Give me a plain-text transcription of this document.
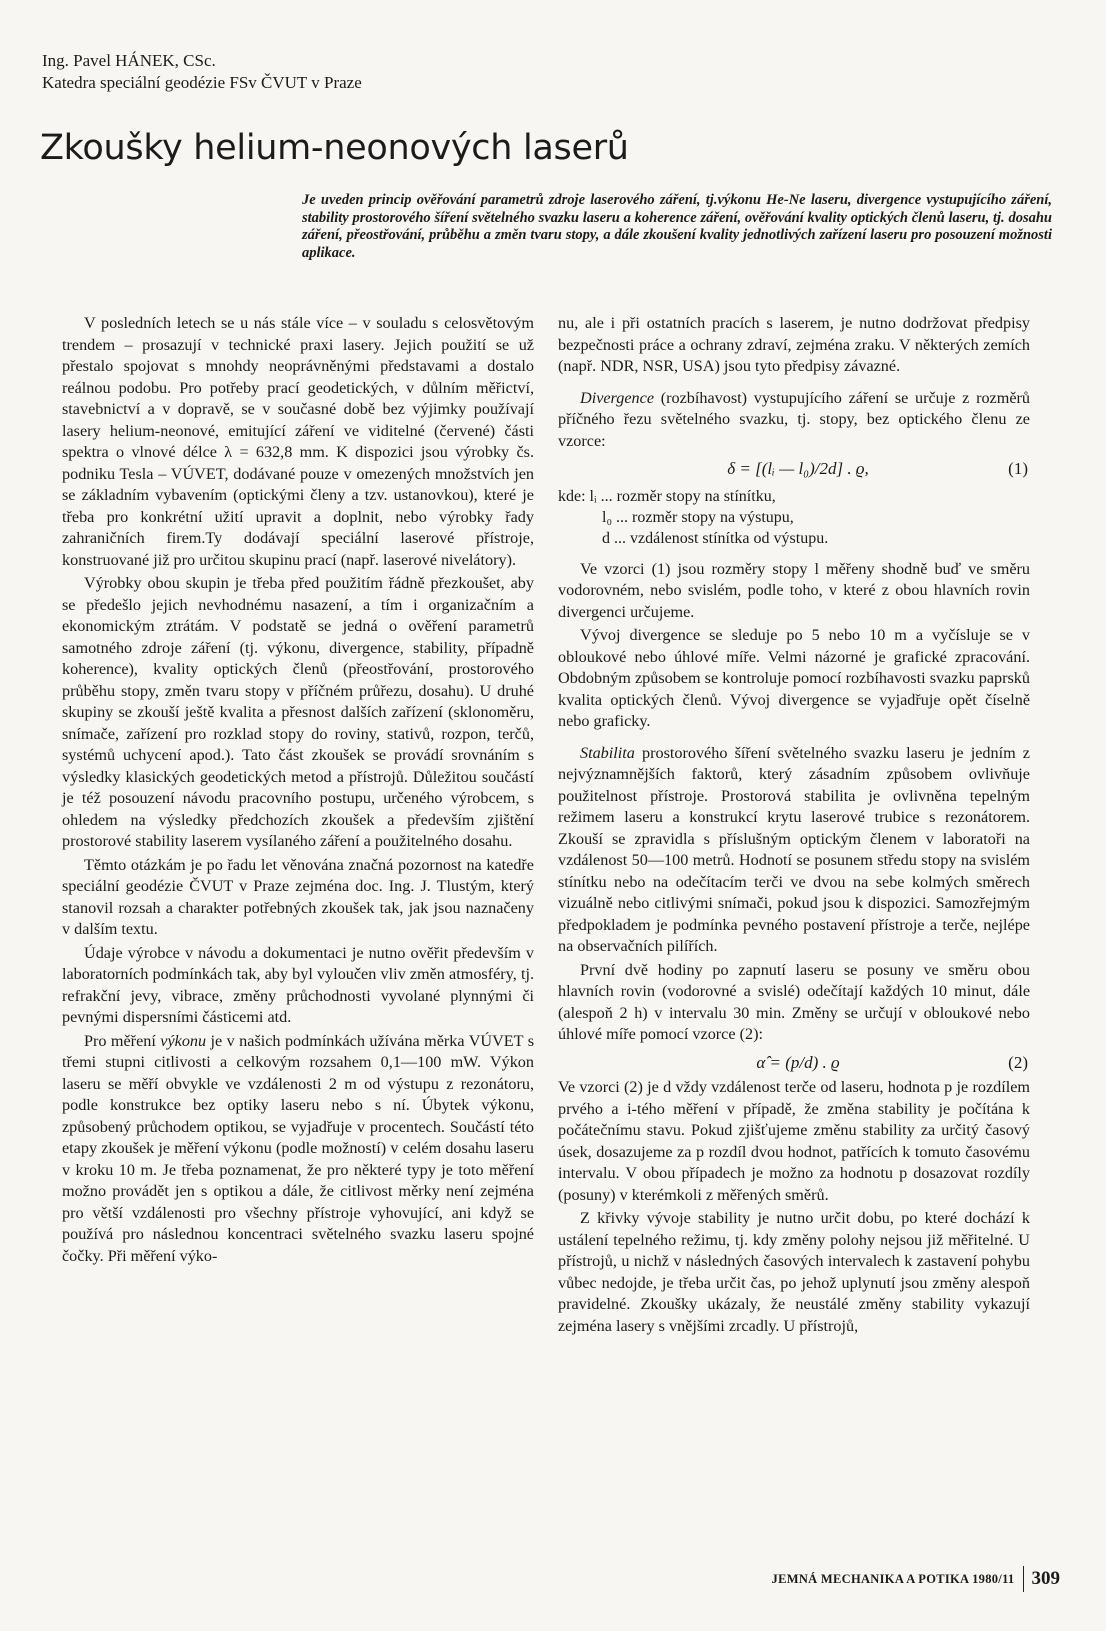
Ing. Pavel HÁNEK, CSc.
Katedra speciální geodézie FSv ČVUT v Praze
Zkoušky helium-neonových laserů
Je uveden princip ověřování parametrů zdroje laserového záření, tj.výkonu He-Ne laseru, divergence vystupujícího záření, stability prostorového šíření světelného svazku laseru a koherence záření, ověřování kvality optických členů laseru, tj. dosahu záření, přeostřování, průběhu a změn tvaru stopy, a dále zkoušení kvality jednotlivých zařízení laseru pro posouzení možnosti aplikace.

V posledních letech se u nás stále více – v souladu s celosvětovým trendem – prosazují v technické praxi lasery. Jejich použití se už přestalo spojovat s mnohdy neoprávněnými představami a dostalo reálnou podobu. Pro potřeby prací geodetických, v důlním měřictví, stavebnictví a v dopravě, se v současné době bez výjimky používají lasery helium-neonové, emitující záření ve viditelné (červené) části spektra o vlnové délce λ = 632,8 mm. K dispozici jsou výrobky čs. podniku Tesla – VÚVET, dodávané pouze v omezených množstvích jen se základním vybavením (optickými členy a tzv. ustanovkou), které je třeba pro konkrétní užití upravit a doplnit, nebo výrobky řady zahraničních firem.Ty dodávají speciální laserové přístroje, konstruované již pro určitou skupinu prací (např. laserové nivelátory).

Výrobky obou skupin je třeba před použitím řádně přezkoušet, aby se předešlo jejich nevhodnému nasazení, a tím i organizačním a ekonomickým ztrátám. V podstatě se jedná o ověření parametrů samotného zdroje záření (tj. výkonu, divergence, stability, případně koherence), kvality optických členů (přeostřování, prostorového průběhu stopy, změn tvaru stopy v příčném průřezu, dosahu). U druhé skupiny se zkouší ještě kvalita a přesnost dalších zařízení (sklonoměru, snímače, zařízení pro rozklad stopy do roviny, stativů, rozpon, terčů, systémů uchycení apod.). Tato část zkoušek se provádí srovnáním s výsledky klasických geodetických metod a přístrojů. Důležitou součástí je též posouzení návodu pracovního postupu, určeného výrobcem, s ohledem na výsledky předchozích zkoušek a především zjištění prostorové stability laserem vysílaného záření a použitelného dosahu.

Těmto otázkám je po řadu let věnována značná pozornost na katedře speciální geodézie ČVUT v Praze zejména doc. Ing. J. Tlustým, který stanovil rozsah a charakter potřebných zkoušek tak, jak jsou naznačeny v dalším textu.

Údaje výrobce v návodu a dokumentaci je nutno ověřit především v laboratorních podmínkách tak, aby byl vyloučen vliv změn atmosféry, tj. refrakční jevy, vibrace, změny průchodnosti vyvolané plynnými či pevnými dispersními částicemi atd.

Pro měření výkonu je v našich podmínkách užívána měrka VÚVET s třemi stupni citlivosti a celkovým rozsahem 0,1—100 mW. Výkon laseru se měří obvykle ve vzdálenosti 2 m od výstupu z rezonátoru, podle konstrukce bez optiky laseru nebo s ní. Úbytek výkonu, způsobený průchodem optikou, se vyjadřuje v procentech. Součástí této etapy zkoušek je měření výkonu (podle možností) v celém dosahu laseru v kroku 10 m. Je třeba poznamenat, že pro některé typy je toto měření možno provádět jen s optikou a dále, že citlivost měrky není zejména pro větší vzdálenosti pro všechny přístroje vyhovující, ani když se používá pro následnou koncentraci světelného svazku laseru spojné čočky. Při měření výko-

nu, ale i při ostatních pracích s laserem, je nutno dodržovat předpisy bezpečnosti práce a ochrany zdraví, zejména zraku. V některých zemích (např. NDR, NSR, USA) jsou tyto předpisy závazné.

Divergence (rozbíhavost) vystupujícího záření se určuje z rozměrů příčného řezu světelného svazku, tj. stopy, bez optického členu ze vzorce:

δ = [(lᵢ — l₀)/2d] . ϱ,	(1)
kde: lᵢ ... rozměr stopy na stínítku,
l₀ ... rozměr stopy na výstupu,
d ... vzdálenost stínítka od výstupu.

Ve vzorci (1) jsou rozměry stopy l měřeny shodně buď ve směru vodorovném, nebo svislém, podle toho, v které z obou hlavních rovin divergenci určujeme.

Vývoj divergence se sleduje po 5 nebo 10 m a vyčísluje se v obloukové nebo úhlové míře. Velmi názorné je grafické zpracování. Obdobným způsobem se kontroluje pomocí rozbíhavosti svazku paprsků kvalita optických členů. Vývoj divergence se vyjadřuje opět číselně nebo graficky.

Stabilita prostorového šíření světelného svazku laseru je jedním z nejvýznamnějších faktorů, který zásadním způsobem ovlivňuje použitelnost přístroje. Prostorová stabilita je ovlivněna tepelným režimem laseru a konstrukcí krytu laserové trubice s rezonátorem. Zkouší se zpravidla s příslušným optickým členem v laboratoři na vzdálenost 50—100 metrů. Hodnotí se posunem středu stopy na svislém stínítku nebo na odečítacím terči ve dvou na sebe kolmých směrech vizuálně nebo citlivými snímači, pokud jsou k dispozici. Samozřejmým předpokladem je podmínka pevného postavení přístroje a terče, nejlépe na observačních pilířích.

První dvě hodiny po zapnutí laseru se posuny ve směru obou hlavních rovin (vodorovné a svislé) odečítají každých 10 minut, dále (alespoň 2 h) v intervalu 30 min. Změny se určují v obloukové nebo úhlové míře pomocí vzorce (2):

α̂ = (p/d) . ϱ	(2)

Ve vzorci (2) je d vždy vzdálenost terče od laseru, hodnota p je rozdílem prvého a i-tého měření v případě, že změna stability je počítána k počátečnímu stavu. Pokud zjišťujeme změnu stability za určitý časový úsek, dosazujeme za p rozdíl dvou hodnot, patřících k tomuto časovému intervalu. V obou případech je možno za hodnotu p dosazovat rozdíly (posuny) v kterémkoli z měřených směrů.

Z křivky vývoje stability je nutno určit dobu, po které dochází k ustálení tepelného režimu, tj. kdy změny polohy nejsou již měřitelné. U přístrojů, u nichž v následných časových intervalech k zastavení pohybu vůbec nedojde, je třeba určit čas, po jehož uplynutí jsou změny alespoň pravidelné. Zkoušky ukázaly, že neustálé změny stability vykazují zejména lasery s vnějšími zrcadly. U přístrojů,

JEMNÁ MECHANIKA A POTIKA 1980/11 309
